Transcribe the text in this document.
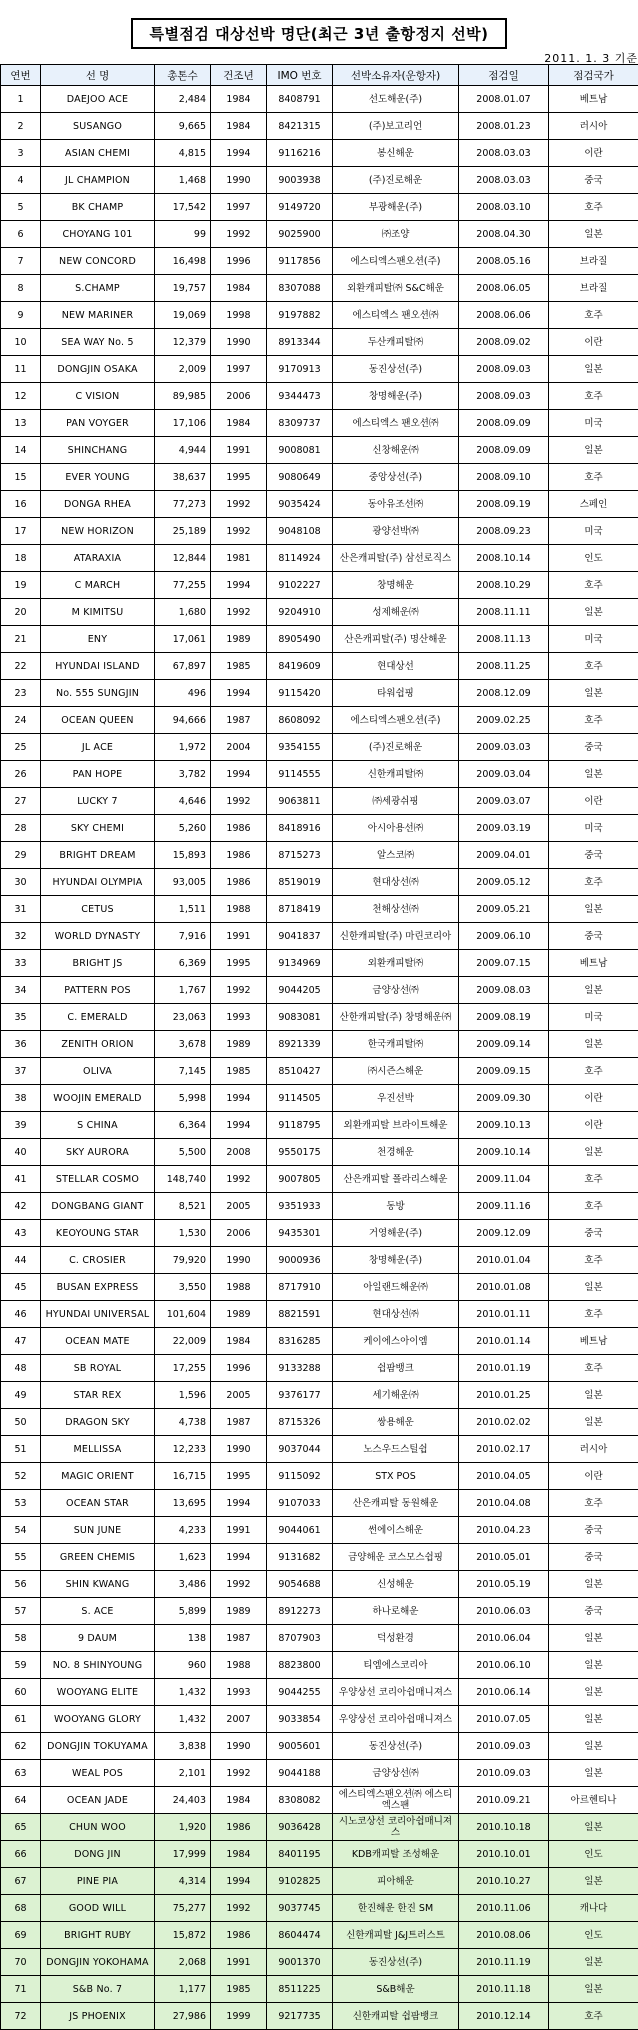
특별점검 대상선박 명단(최근 3년 출항정지 선박)
2011. 1. 3 기준
연번	선 명	총톤수	건조년	IMO 번호	선박소유자(운항자)	점검일	점검국가
1	DAEJOO ACE	2,484	1984	8408791	선도해운(주)	2008.01.07	베트남
2	SUSANGO	9,665	1984	8421315	(주)보고리언	2008.01.23	러시아
3	ASIAN CHEMI	4,815	1994	9116216	봉신해운	2008.03.03	이란
4	JL CHAMPION	1,468	1990	9003938	(주)진로해운	2008.03.03	중국
5	BK CHAMP	17,542	1997	9149720	부광해운(주)	2008.03.10	호주
6	CHOYANG 101	99	1992	9025900	㈜조양	2008.04.30	일본
7	NEW CONCORD	16,498	1996	9117856	에스티엑스팬오션(주)	2008.05.16	브라질
8	S.CHAMP	19,757	1984	8307088	외환캐피탈㈜ S&C해운	2008.06.05	브라질
9	NEW MARINER	19,069	1998	9197882	에스티엑스 팬오션㈜	2008.06.06	호주
10	SEA WAY No. 5	12,379	1990	8913344	두산캐피탈㈜	2008.09.02	이란
11	DONGJIN OSAKA	2,009	1997	9170913	동진상선(주)	2008.09.03	일본
12	C VISION	89,985	2006	9344473	창명해운(주)	2008.09.03	호주
13	PAN VOYGER	17,106	1984	8309737	에스티엑스 팬오션㈜	2008.09.09	미국
14	SHINCHANG	4,944	1991	9008081	신창해운㈜	2008.09.09	일본
15	EVER YOUNG	38,637	1995	9080649	중앙상선(주)	2008.09.10	호주
16	DONGA RHEA	77,273	1992	9035424	동아유조선㈜	2008.09.19	스페인
17	NEW HORIZON	25,189	1992	9048108	광양선박㈜	2008.09.23	미국
18	ATARAXIA	12,844	1981	8114924	산은캐피탈(주) 삼선로직스	2008.10.14	인도
19	C MARCH	77,255	1994	9102227	창명해운	2008.10.29	호주
20	M KIMITSU	1,680	1992	9204910	성제해운㈜	2008.11.11	일본
21	ENY	17,061	1989	8905490	산은캐피탈(주) 명산해운	2008.11.13	미국
22	HYUNDAI ISLAND	67,897	1985	8419609	현대상선	2008.11.25	호주
23	No. 555 SUNGJIN	496	1994	9115420	타워쉽핑	2008.12.09	일본
24	OCEAN QUEEN	94,666	1987	8608092	에스티엑스팬오션(주)	2009.02.25	호주
25	JL ACE	1,972	2004	9354155	(주)진로해운	2009.03.03	중국
26	PAN HOPE	3,782	1994	9114555	신한캐피탈㈜	2009.03.04	일본
27	LUCKY 7	4,646	1992	9063811	㈜세광쉬핑	2009.03.07	이란
28	SKY CHEMI	5,260	1986	8418916	아시아용선㈜	2009.03.19	미국
29	BRIGHT DREAM	15,893	1986	8715273	알스코㈜	2009.04.01	중국
30	HYUNDAI OLYMPIA	93,005	1986	8519019	현대상선㈜	2009.05.12	호주
31	CETUS	1,511	1988	8718419	천해상선㈜	2009.05.21	일본
32	WORLD DYNASTY	7,916	1991	9041837	신한캐피탈(주) 마린코리아	2009.06.10	중국
33	BRIGHT JS	6,369	1995	9134969	외환캐피탈㈜	2009.07.15	베트남
34	PATTERN POS	1,767	1992	9044205	금양상선㈜	2009.08.03	일본
35	C. EMERALD	23,063	1993	9083081	산한캐피탈(주) 창명해운㈜	2009.08.19	미국
36	ZENITH ORION	3,678	1989	8921339	한국캐피탈㈜	2009.09.14	일본
37	OLIVA	7,145	1985	8510427	㈜시즌스해운	2009.09.15	호주
38	WOOJIN EMERALD	5,998	1994	9114505	우진선박	2009.09.30	이란
39	S CHINA	6,364	1994	9118795	외환캐피탈 브라이트해운	2009.10.13	이란
40	SKY AURORA	5,500	2008	9550175	천경해운	2009.10.14	일본
41	STELLAR COSMO	148,740	1992	9007805	산은캐피탈 폴라리스해운	2009.11.04	호주
42	DONGBANG GIANT	8,521	2005	9351933	동방	2009.11.16	호주
43	KEOYOUNG STAR	1,530	2006	9435301	거영해운(주)	2009.12.09	중국
44	C. CROSIER	79,920	1990	9000936	창명해운(주)	2010.01.04	호주
45	BUSAN EXPRESS	3,550	1988	8717910	아일랜드해운㈜	2010.01.08	일본
46	HYUNDAI UNIVERSAL	101,604	1989	8821591	현대상선㈜	2010.01.11	호주
47	OCEAN MATE	22,009	1984	8316285	케이에스아이엠	2010.01.14	베트남
48	SB ROYAL	17,255	1996	9133288	쉽팜뱅크	2010.01.19	호주
49	STAR REX	1,596	2005	9376177	세기해운㈜	2010.01.25	일본
50	DRAGON SKY	4,738	1987	8715326	쌍용해운	2010.02.02	일본
51	MELLISSA	12,233	1990	9037044	노스우드스틸쉽	2010.02.17	러시아
52	MAGIC ORIENT	16,715	1995	9115092	STX POS	2010.04.05	이란
53	OCEAN STAR	13,695	1994	9107033	산은캐피탈 동원해운	2010.04.08	호주
54	SUN JUNE	4,233	1991	9044061	썬에이스해운	2010.04.23	중국
55	GREEN CHEMIS	1,623	1994	9131682	금양해운 코스모스쉽핑	2010.05.01	중국
56	SHIN KWANG	3,486	1992	9054688	신성해운	2010.05.19	일본
57	S. ACE	5,899	1989	8912273	하나로해운	2010.06.03	중국
58	9 DAUM	138	1987	8707903	덕성환경	2010.06.04	일본
59	NO. 8 SHINYOUNG	960	1988	8823800	티엠에스코리아	2010.06.10	일본
60	WOOYANG ELITE	1,432	1993	9044255	우양상선 코리아쉽매니져스	2010.06.14	일본
61	WOOYANG GLORY	1,432	2007	9033854	우양상선 코리아쉽매니져스	2010.07.05	일본
62	DONGJIN TOKUYAMA	3,838	1990	9005601	동진상선(주)	2010.09.03	일본
63	WEAL POS	2,101	1992	9044188	금양상선㈜	2010.09.03	일본
64	OCEAN JADE	24,403	1984	8308082	에스티엑스팬오션㈜ 에스티엑스팬	2010.09.21	아르헨티나
65	CHUN WOO	1,920	1986	9036428	시노코상선 코리아쉽매니져스	2010.10.18	일본
66	DONG JIN	17,999	1984	8401195	KDB캐피탈 조성해운	2010.10.01	인도
67	PINE PIA	4,314	1994	9102825	피아해운	2010.10.27	일본
68	GOOD WILL	75,277	1992	9037745	한진해운 한진 SM	2010.11.06	캐나다
69	BRIGHT RUBY	15,872	1986	8604474	신한캐피탈 J&J트러스트	2010.08.06	인도
70	DONGJIN YOKOHAMA	2,068	1991	9001370	동진상선(주)	2010.11.19	일본
71	S&B No. 7	1,177	1985	8511225	S&B해운	2010.11.18	일본
72	JS PHOENIX	27,986	1999	9217735	신한캐피탈 쉽팜뱅크	2010.12.14	호주
